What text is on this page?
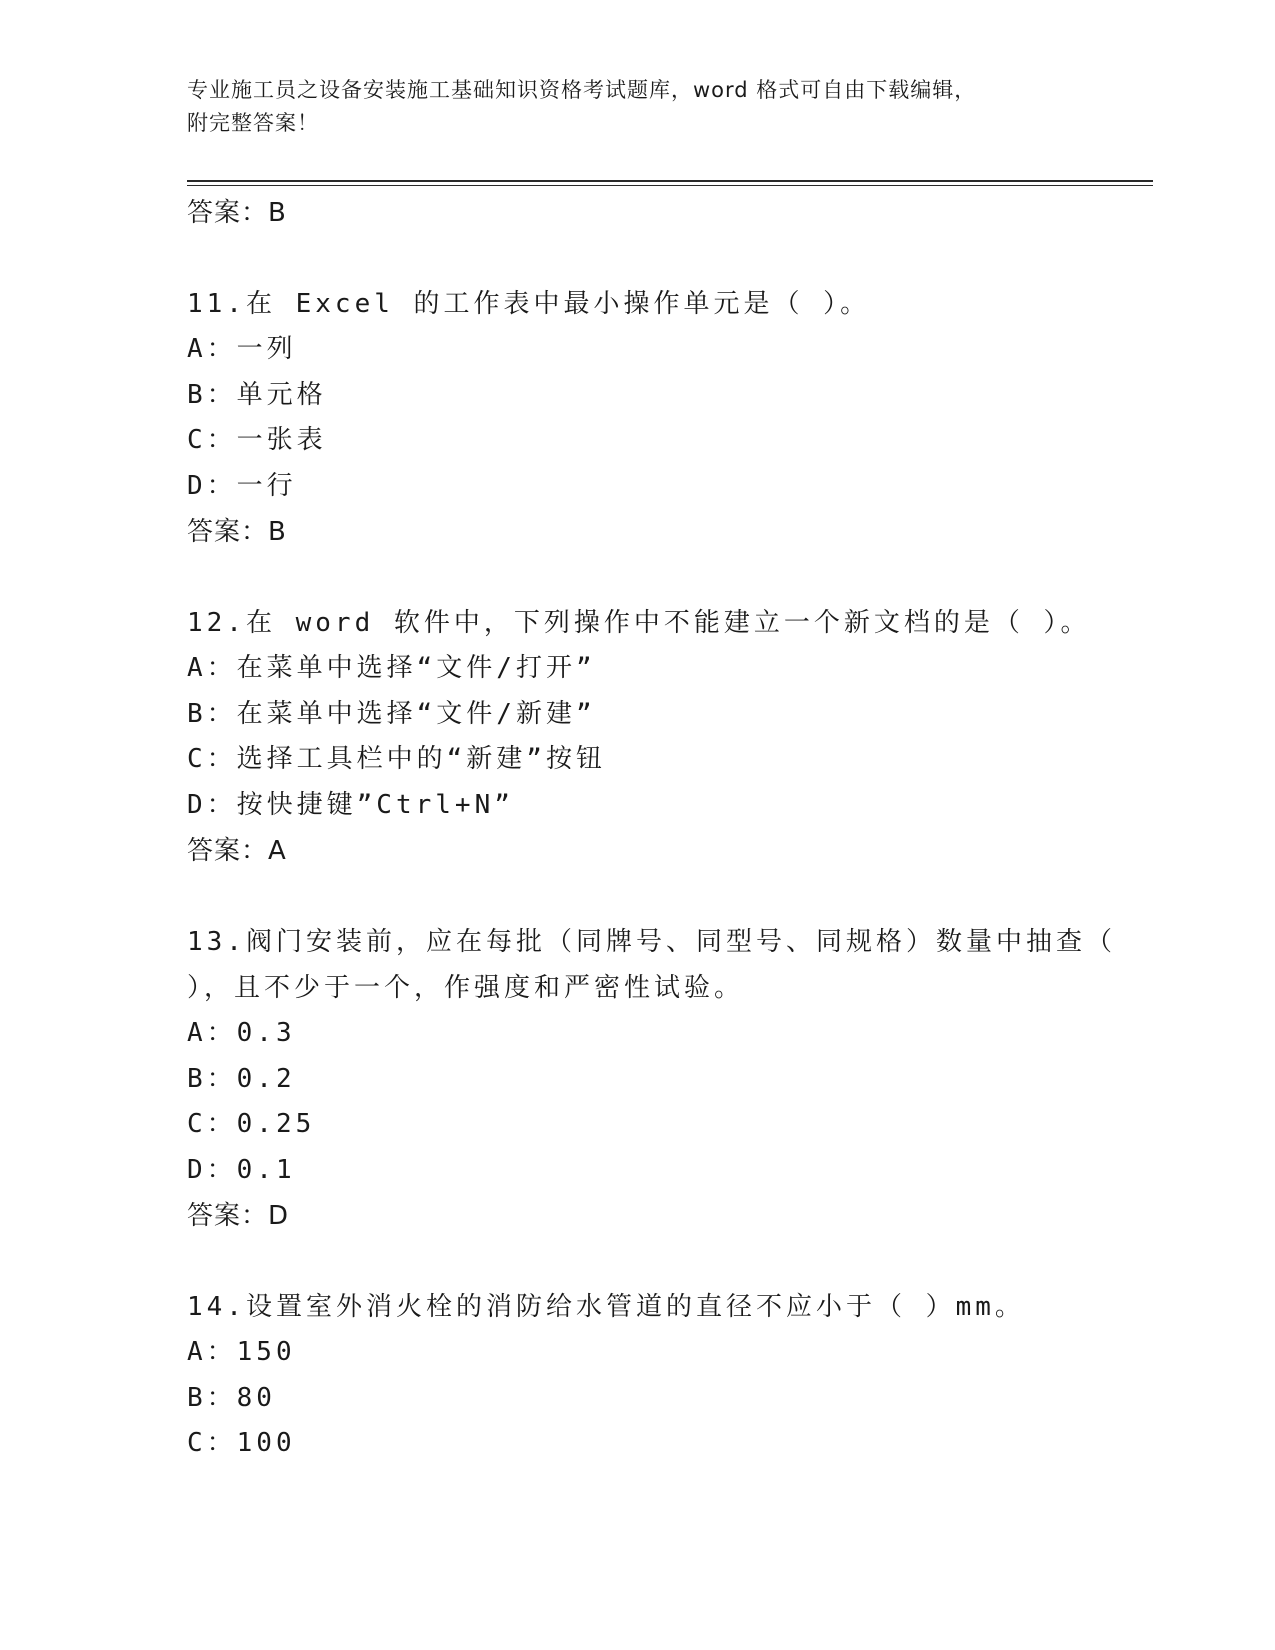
专业施工员之设备安装施工基础知识资格考试题库，word 格式可自由下载编辑，
附完整答案！
答案：B
11.在 Excel 的工作表中最小操作单元是（ ）。
A：一列
B：单元格
C：一张表
D：一行
答案：B
12.在 word 软件中，下列操作中不能建立一个新文档的是（ ）。
A：在菜单中选择“文件/打开”
B：在菜单中选择“文件/新建”
C：选择工具栏中的“新建”按钮
D：按快捷键”Ctrl+N”
答案：A
13.阀门安装前，应在每批（同牌号、同型号、同规格）数量中抽查（
），且不少于一个，作强度和严密性试验。
A：0.3
B：0.2
C：0.25
D：0.1
答案：D
14.设置室外消火栓的消防给水管道的直径不应小于（ ）mm。
A：150
B：80
C：100
